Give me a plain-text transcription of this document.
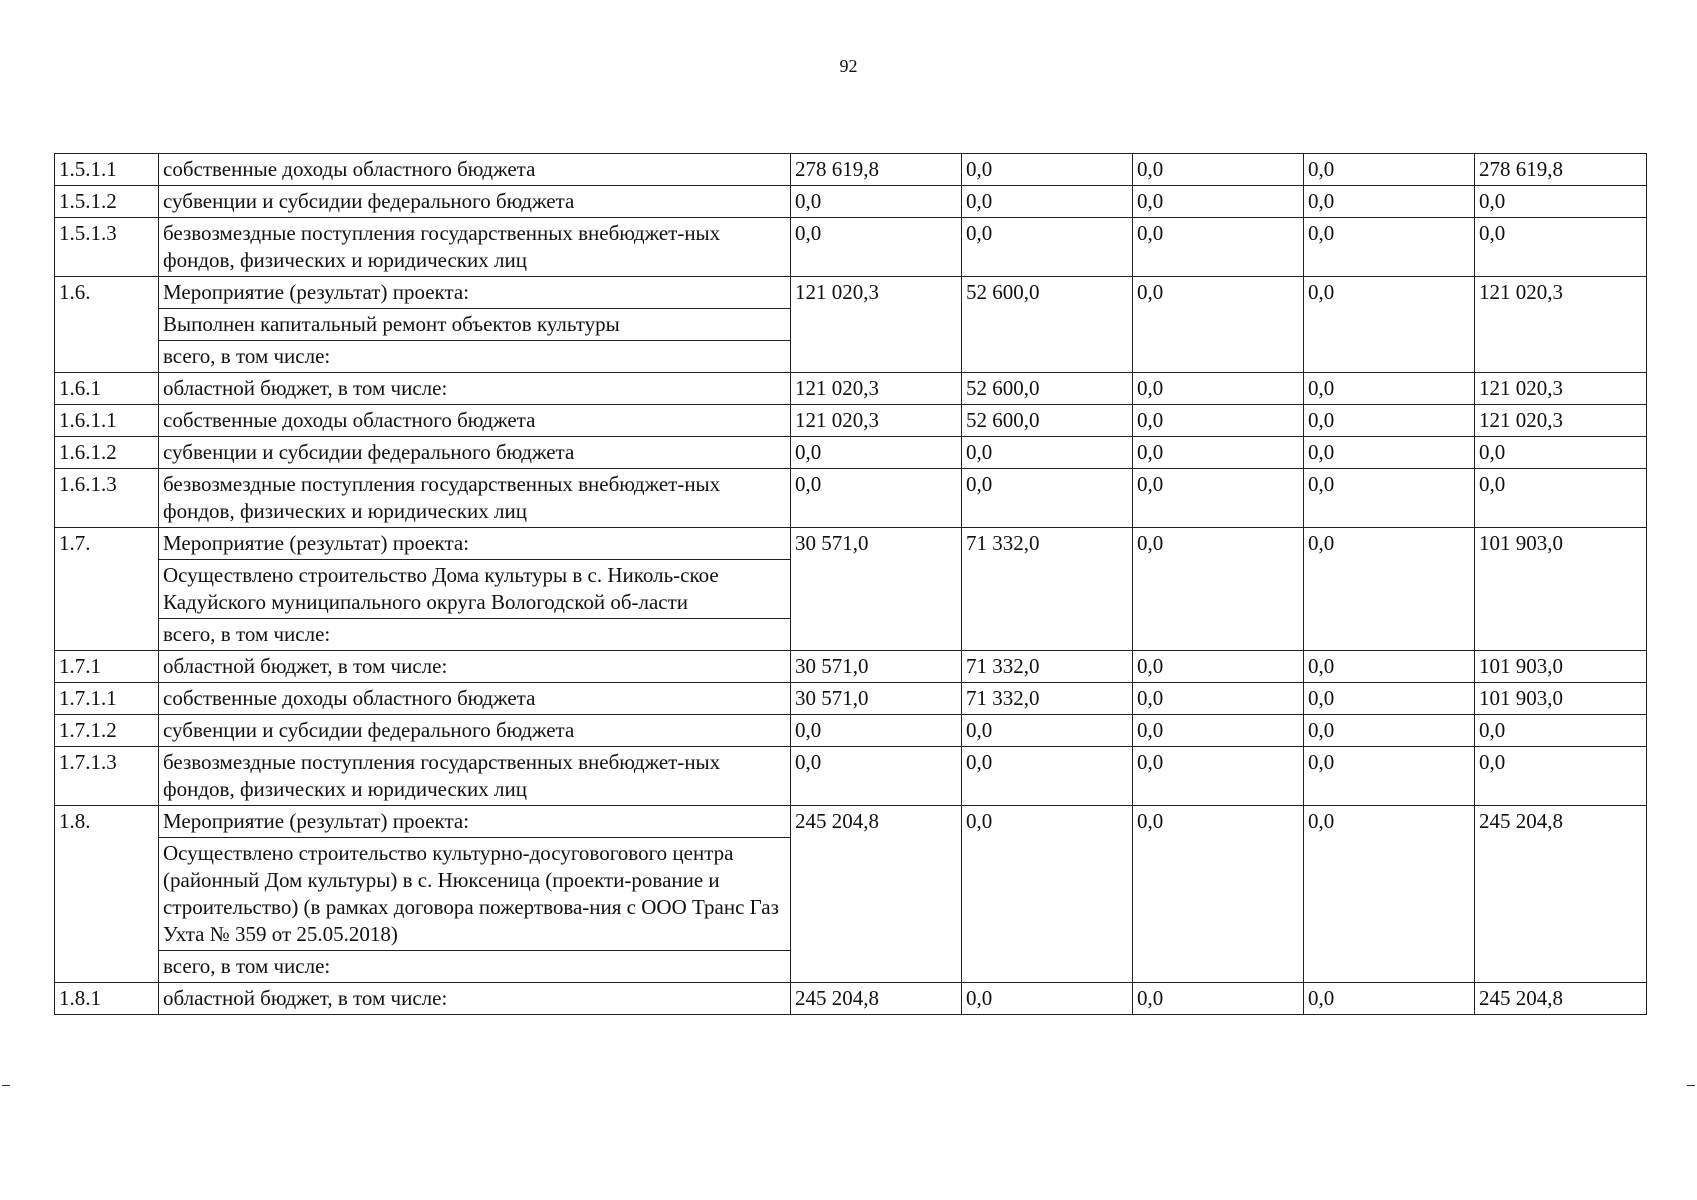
92
1.5.1.1	собственные доходы областного бюджета	278 619,8	0,0	0,0	0,0	278 619,8
1.5.1.2	субвенции и субсидии федерального бюджета	0,0	0,0	0,0	0,0	0,0
1.5.1.3	безвозмездные поступления государственных внебюджет-ных фондов, физических и юридических лиц	0,0	0,0	0,0	0,0	0,0
1.6.	Мероприятие (результат) проекта:	121 020,3	52 600,0	0,0	0,0	121 020,3
	Выполнен капитальный ремонт объектов культуры					
	всего, в том числе:					
1.6.1	областной бюджет, в том числе:	121 020,3	52 600,0	0,0	0,0	121 020,3
1.6.1.1	собственные доходы областного бюджета	121 020,3	52 600,0	0,0	0,0	121 020,3
1.6.1.2	субвенции и субсидии федерального бюджета	0,0	0,0	0,0	0,0	0,0
1.6.1.3	безвозмездные поступления государственных внебюджет-ных фондов, физических и юридических лиц	0,0	0,0	0,0	0,0	0,0
1.7.	Мероприятие (результат) проекта:	30 571,0	71 332,0	0,0	0,0	101 903,0
	Осуществлено строительство Дома культуры в с. Николь-ское Кадуйского муниципального округа Вологодской об-ласти					
	всего, в том числе:					
1.7.1	областной бюджет, в том числе:	30 571,0	71 332,0	0,0	0,0	101 903,0
1.7.1.1	собственные доходы областного бюджета	30 571,0	71 332,0	0,0	0,0	101 903,0
1.7.1.2	субвенции и субсидии федерального бюджета	0,0	0,0	0,0	0,0	0,0
1.7.1.3	безвозмездные поступления государственных внебюджет-ных фондов, физических и юридических лиц	0,0	0,0	0,0	0,0	0,0
1.8.	Мероприятие (результат) проекта:	245 204,8	0,0	0,0	0,0	245 204,8
	Осуществлено строительство культурно-досуговогового центра (районный Дом культуры) в с. Нюксеница (проекти-рование и строительство) (в рамках договора пожертвова-ния с ООО Транс Газ Ухта № 359 от 25.05.2018)					
	всего, в том числе:					
1.8.1	областной бюджет, в том числе:	245 204,8	0,0	0,0	0,0	245 204,8
